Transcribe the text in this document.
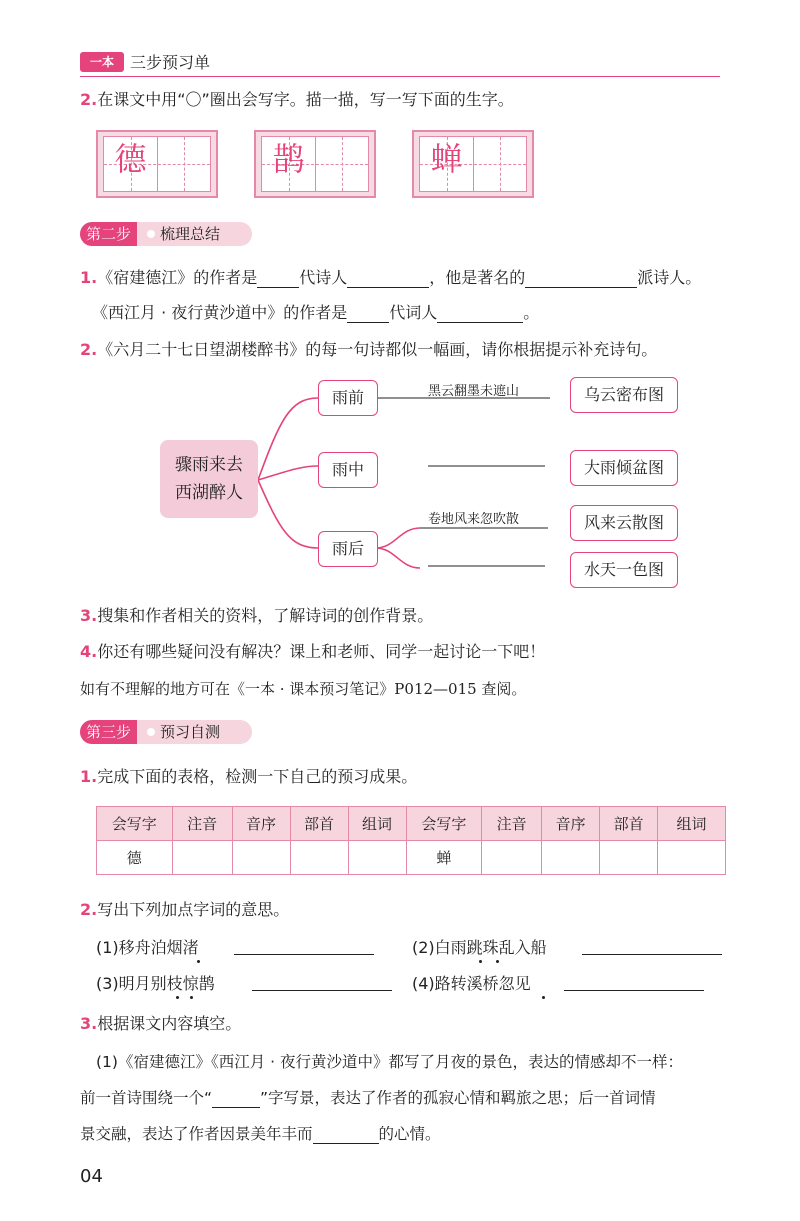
一本	三步预习单
2.在课文中用“〇”圈出会写字。描一描，写一写下面的生字。
德	鹊	蝉
第二步	梳理总结
1.《宿建德江》的作者是	代诗人	，他是著名的	派诗人。
《西江月 · 夜行黄沙道中》的作者是	代词人	。
2.《六月二十七日望湖楼醉书》的每一句诗都似一幅画，请你根据提示补充诗句。
骤雨来去
西湖醉人
雨前
雨中
雨后
黑云翻墨未遮山
卷地风来忽吹散
乌云密布图
大雨倾盆图
风来云散图
水天一色图
3.搜集和作者相关的资料，了解诗词的创作背景。
4.你还有哪些疑问没有解决？课上和老师、同学一起讨论一下吧！
如有不理解的地方可在《一本 · 课本预习笔记》P012—015 查阅。
第三步	预习自测
1.完成下面的表格，检测一下自己的预习成果。
会写字	注音	音序	部首	组词	会写字	注音	音序	部首	组词
德					蝉				
2.写出下列加点字词的意思。
(1)移舟泊烟渚	(2)白雨跳珠乱入船
(3)明月别枝惊鹊	(4)路转溪桥忽见
3.根据课文内容填空。
(1)《宿建德江》《西江月 · 夜行黄沙道中》都写了月夜的景色，表达的情感却不一样：
前一首诗围绕一个“	”字写景，表达了作者的孤寂心情和羁旅之思；后一首词情
景交融，表达了作者因景美年丰而	的心情。
04
